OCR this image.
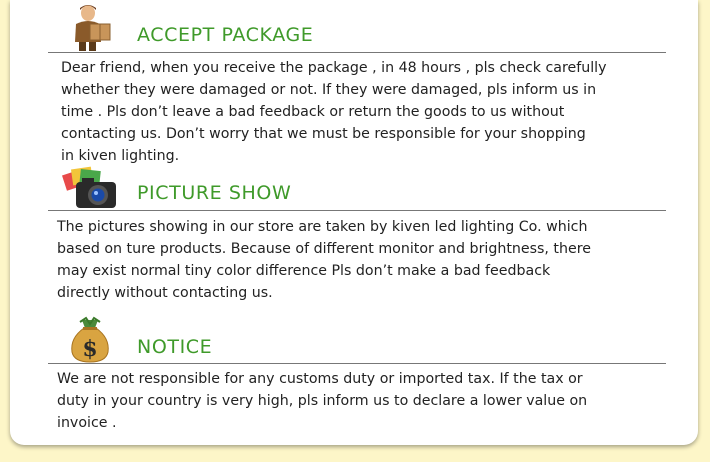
ACCEPT PACKAGE
Dear friend, when you receive the package , in 48 hours , pls check carefully
whether they were damaged or not. If they were damaged, pls inform us in
time . Pls don’t leave a bad feedback or return the goods to us without
contacting us. Don’t worry that we must be responsible for your shopping
in kiven lighting.
PICTURE SHOW
The pictures showing in our store are taken by kiven led lighting Co. which
based on ture products. Because of different monitor and brightness, there
may exist normal tiny color difference Pls don’t make a bad feedback
directly without contacting us.
$ NOTICE
We are not responsible for any customs duty or imported tax. If the tax or
duty in your country is very high, pls inform us to declare a lower value on
invoice .
